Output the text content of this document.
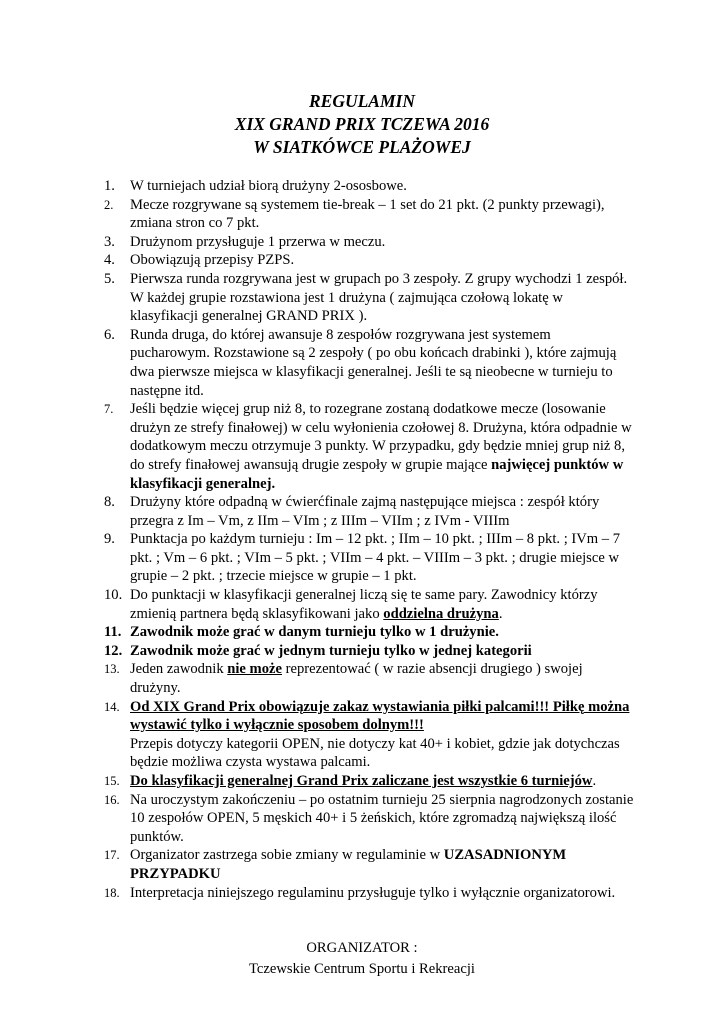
REGULAMIN
XIX GRAND PRIX TCZEWA 2016
W SIATKÓWCE PLAŻOWEJ
1. W turniejach udział biorą drużyny 2-ososbowe.
2. Mecze rozgrywane są systemem tie-break – 1 set do 21 pkt. (2 punkty przewagi), zmiana stron co 7 pkt.
3. Drużynom przysługuje 1 przerwa w meczu.
4. Obowiązują przepisy PZPS.
5. Pierwsza runda rozgrywana jest w grupach po 3 zespoły. Z grupy wychodzi 1 zespół. W każdej grupie rozstawiona jest 1 drużyna ( zajmująca czołową lokatę w klasyfikacji generalnej GRAND PRIX ).
6. Runda druga, do której awansuje 8 zespołów rozgrywana jest systemem pucharowym. Rozstawione są 2 zespoły ( po obu końcach drabinki ), które zajmują dwa pierwsze miejsca w klasyfikacji generalnej. Jeśli te są nieobecne w turnieju to następne itd.
7. Jeśli będzie więcej grup niż 8, to rozegrane zostaną dodatkowe mecze (losowanie drużyn ze strefy finałowej) w celu wyłonienia czołowej 8. Drużyna, która odpadnie w dodatkowym meczu otrzymuje 3 punkty. W przypadku, gdy będzie mniej grup niż 8, do strefy finałowej awansują drugie zespoły w grupie mające najwięcej punktów w klasyfikacji generalnej.
8. Drużyny które odpadną w ćwierćfinale zajmą następujące miejsca : zespół który przegra z Im – Vm, z IIm – VIm ; z IIIm – VIIm ; z IVm - VIIIm
9. Punktacja po każdym turnieju : Im – 12 pkt. ; IIm – 10 pkt. ; IIIm – 8 pkt. ; IVm – 7 pkt. ; Vm – 6 pkt. ; VIm – 5 pkt. ; VIIm – 4 pkt. – VIIIm – 3 pkt. ; drugie miejsce w grupie – 2 pkt. ; trzecie miejsce w grupie – 1 pkt.
10. Do punktacji w klasyfikacji generalnej liczą się te same pary. Zawodnicy którzy zmienią partnera będą sklasyfikowani jako oddzielna drużyna.
11. Zawodnik może grać w danym turnieju tylko w 1 drużynie.
12. Zawodnik może grać w jednym turnieju tylko w jednej kategorii
13. Jeden zawodnik nie może reprezentować ( w razie absencji drugiego ) swojej drużyny.
14. Od XIX Grand Prix obowiązuje zakaz wystawiania piłki palcami!!! Piłkę można wystawić tylko i wyłącznie sposobem dolnym!!!
Przepis dotyczy kategorii OPEN, nie dotyczy kat 40+ i kobiet, gdzie jak dotychczas będzie możliwa czysta wystawa palcami.
15. Do klasyfikacji generalnej Grand Prix zaliczane jest wszystkie 6 turniejów.
16. Na uroczystym zakończeniu – po ostatnim turnieju 25 sierpnia nagrodzonych zostanie 10 zespołów OPEN, 5 męskich 40+ i 5 żeńskich, które zgromadzą największą ilość punktów.
17. Organizator zastrzega sobie zmiany w regulaminie w UZASADNIONYM PRZYPADKU
18. Interpretacja niniejszego regulaminu przysługuje tylko i wyłącznie organizatorowi.
ORGANIZATOR :
Tczewskie Centrum Sportu i Rekreacji
